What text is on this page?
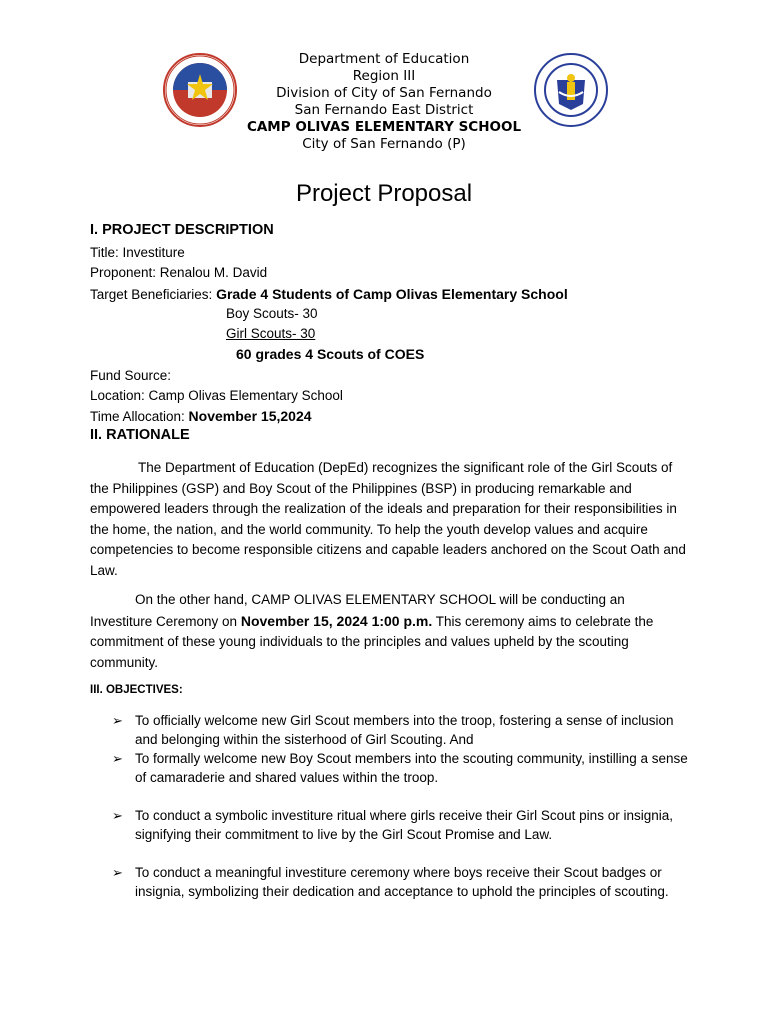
Department of Education
Region III
Division of City of San Fernando
San Fernando East District
CAMP OLIVAS ELEMENTARY SCHOOL
City of San Fernando (P)
Project Proposal
I. PROJECT DESCRIPTION
Title: Investiture
Proponent: Renalou M. David
Target Beneficiaries: Grade 4 Students of Camp Olivas Elementary School
Boy Scouts- 30
Girl Scouts- 30
60 grades 4 Scouts of COES
Fund Source:
Location: Camp Olivas Elementary School
Time Allocation: November 15,2024
II. RATIONALE
The Department of Education (DepEd) recognizes the significant role of the Girl Scouts of the Philippines (GSP) and Boy Scout of the Philippines (BSP) in producing remarkable and empowered leaders through the realization of the ideals and preparation for their responsibilities in the home, the nation, and the world community. To help the youth develop values and acquire competencies to become responsible citizens and capable leaders anchored on the Scout Oath and Law.
On the other hand, CAMP OLIVAS ELEMENTARY SCHOOL will be conducting an Investiture Ceremony on November 15, 2024 1:00 p.m. This ceremony aims to celebrate the commitment of these young individuals to the principles and values upheld by the scouting community.
III. OBJECTIVES:
➢ To officially welcome new Girl Scout members into the troop, fostering a sense of inclusion and belonging within the sisterhood of Girl Scouting. And
➢ To formally welcome new Boy Scout members into the scouting community, instilling a sense of camaraderie and shared values within the troop.
➢ To conduct a symbolic investiture ritual where girls receive their Girl Scout pins or insignia, signifying their commitment to live by the Girl Scout Promise and Law.
➢ To conduct a meaningful investiture ceremony where boys receive their Scout badges or insignia, symbolizing their dedication and acceptance to uphold the principles of scouting.
